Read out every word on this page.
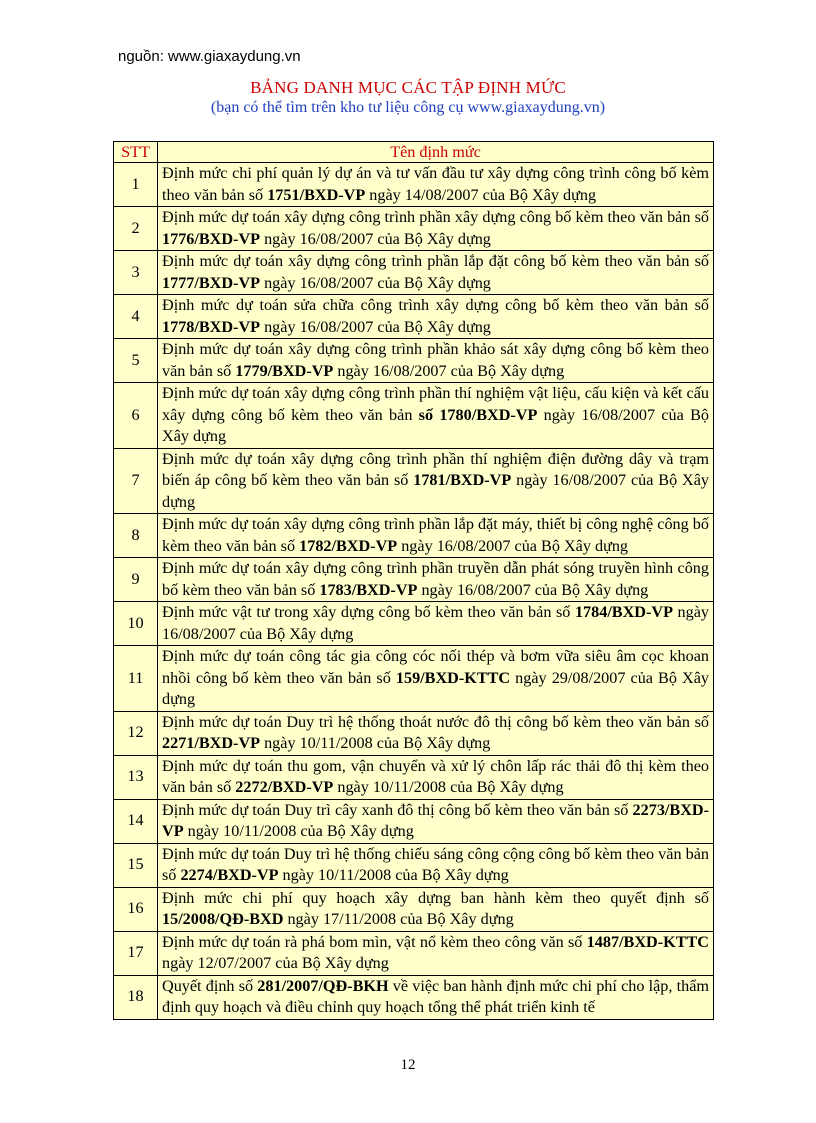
nguồn: www.giaxaydung.vn
BẢNG DANH MỤC CÁC TẬP ĐỊNH MỨC
(bạn có thể tìm trên kho tư liệu công cụ www.giaxaydung.vn)
STT	Tên định mức
1	Định mức chi phí quản lý dự án và tư vấn đầu tư xây dựng công trình công bố kèm theo văn bản số 1751/BXD-VP ngày 14/08/2007 của Bộ Xây dựng
2	Định mức dự toán xây dựng công trình phần xây dựng công bố kèm theo văn bản số 1776/BXD-VP ngày 16/08/2007 của Bộ Xây dựng
3	Định mức dự toán xây dựng công trình phần lắp đặt công bố kèm theo văn bản số 1777/BXD-VP ngày 16/08/2007 của Bộ Xây dựng
4	Định mức dự toán sửa chữa công trình xây dựng công bố kèm theo văn bản số 1778/BXD-VP ngày 16/08/2007 của Bộ Xây dựng
5	Định mức dự toán xây dựng công trình phần khảo sát xây dựng công bố kèm theo văn bản số 1779/BXD-VP ngày 16/08/2007 của Bộ Xây dựng
6	Định mức dự toán xây dựng công trình phần thí nghiệm vật liệu, cấu kiện và kết cấu xây dựng công bố kèm theo văn bản số 1780/BXD-VP ngày 16/08/2007 của Bộ Xây dựng
7	Định mức dự toán xây dựng công trình phần thí nghiệm điện đường dây và trạm biến áp công bố kèm theo văn bản số 1781/BXD-VP ngày 16/08/2007 của Bộ Xây dựng
8	Định mức dự toán xây dựng công trình phần lắp đặt máy, thiết bị công nghệ công bố kèm theo văn bản số 1782/BXD-VP ngày 16/08/2007 của Bộ Xây dựng
9	Định mức dự toán xây dựng công trình phần truyền dẫn phát sóng truyền hình công bố kèm theo văn bản số 1783/BXD-VP ngày 16/08/2007 của Bộ Xây dựng
10	Định mức vật tư trong xây dựng công bố kèm theo văn bản số 1784/BXD-VP ngày 16/08/2007 của Bộ Xây dựng
11	Định mức dự toán công tác gia công cóc nối thép và bơm vữa siêu âm cọc khoan nhồi công bố kèm theo văn bản số 159/BXD-KTTC ngày 29/08/2007 của Bộ Xây dựng
12	Định mức dự toán Duy trì hệ thống thoát nước đô thị công bố kèm theo văn bản số 2271/BXD-VP ngày 10/11/2008 của Bộ Xây dựng
13	Định mức dự toán thu gom, vận chuyển và xử lý chôn lấp rác thải đô thị kèm theo văn bản số 2272/BXD-VP ngày 10/11/2008 của Bộ Xây dựng
14	Định mức dự toán Duy trì cây xanh đô thị công bố kèm theo văn bản số 2273/BXD-VP ngày 10/11/2008 của Bộ Xây dựng
15	Định mức dự toán Duy trì hệ thống chiếu sáng công cộng công bố kèm theo văn bản số 2274/BXD-VP ngày 10/11/2008 của Bộ Xây dựng
16	Định mức chi phí quy hoạch xây dựng ban hành kèm theo quyết định số 15/2008/QĐ-BXD ngày 17/11/2008 của Bộ Xây dựng
17	Định mức dự toán rà phá bom mìn, vật nổ kèm theo công văn số 1487/BXD-KTTC ngày 12/07/2007 của Bộ Xây dựng
18	Quyết định số 281/2007/QĐ-BKH về việc ban hành định mức chi phí cho lập, thẩm định quy hoạch và điều chỉnh quy hoạch tổng thể phát triển kinh tế
12
